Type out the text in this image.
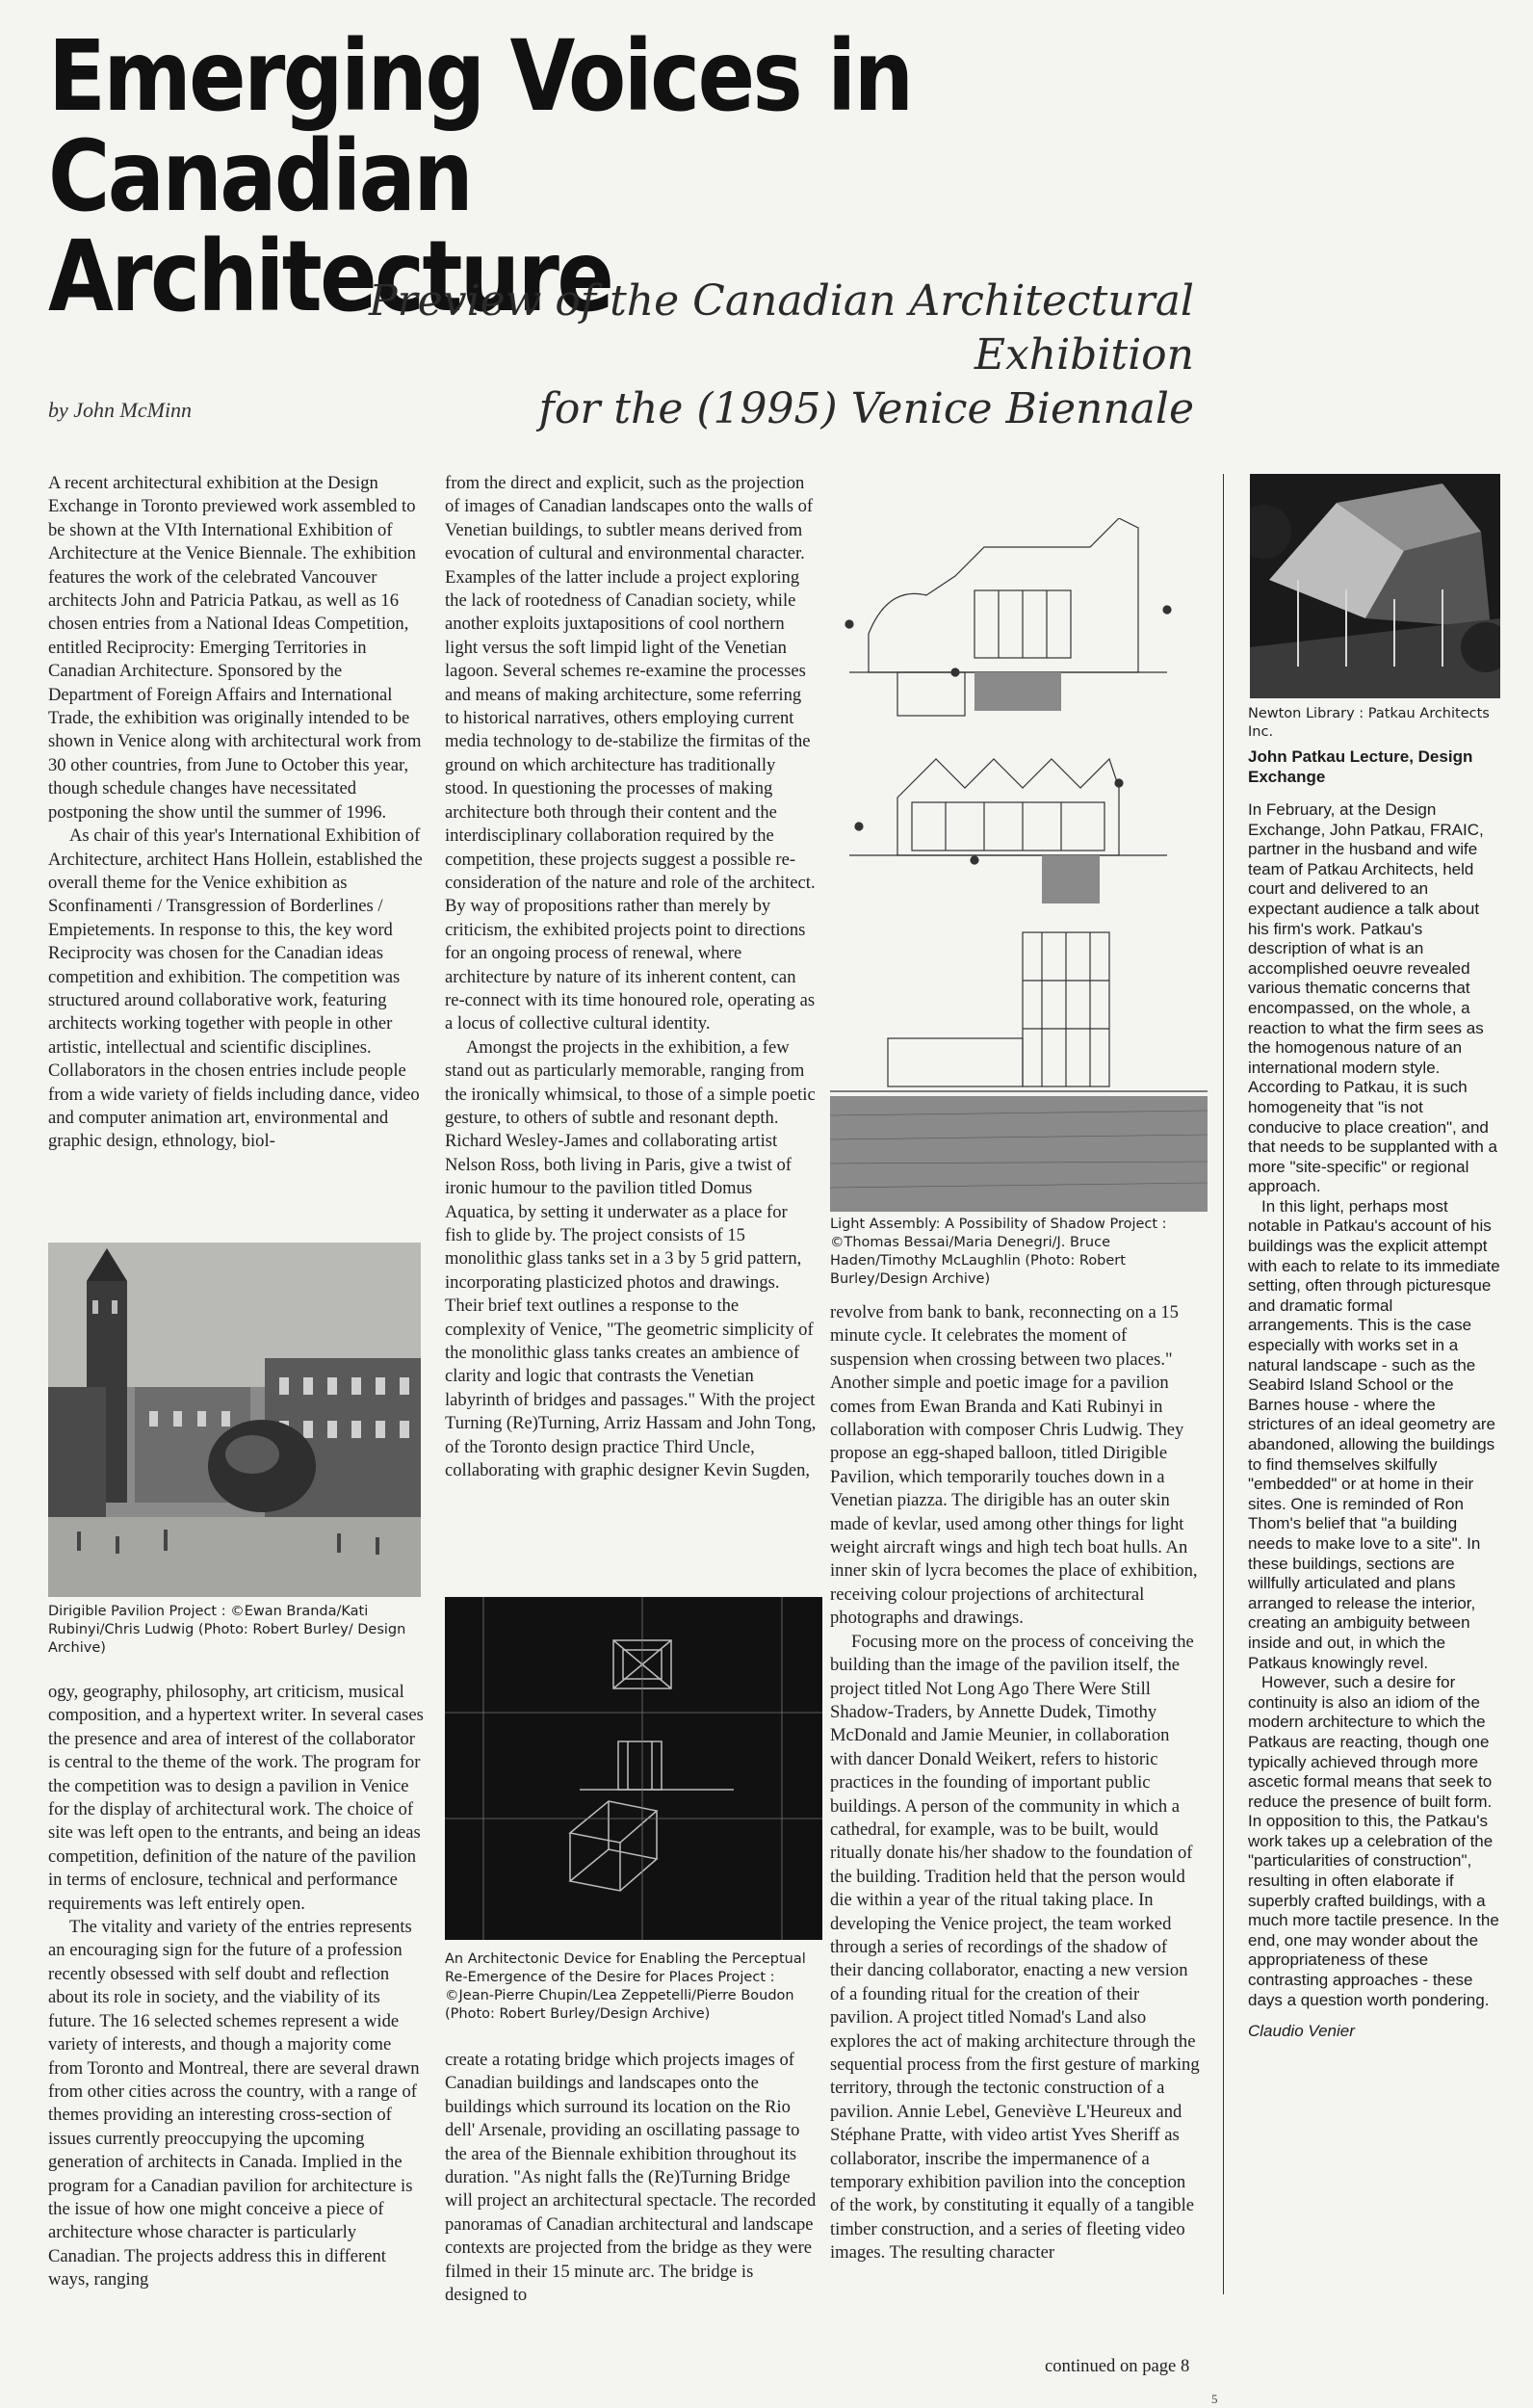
Emerging Voices in
Canadian Architecture
Preview of the Canadian Architectural Exhibition
for the (1995) Venice Biennale
by John McMinn

A recent architectural exhibition at the Design Exchange in Toronto previewed work assembled to be shown at the VIth International Exhibition of Architecture at the Venice Biennale. The exhibition features the work of the celebrated Vancouver architects John and Patricia Patkau, as well as 16 chosen entries from a National Ideas Competition, entitled Reciprocity: Emerging Territories in Canadian Architecture. Sponsored by the Department of Foreign Affairs and International Trade, the exhibition was originally intended to be shown in Venice along with architectural work from 30 other countries, from June to October this year, though schedule changes have necessitated postponing the show until the summer of 1996.

As chair of this year's International Exhibition of Architecture, architect Hans Hollein, established the overall theme for the Venice exhibition as Sconfinamenti / Transgression of Borderlines / Empietements. In response to this, the key word Reciprocity was chosen for the Canadian ideas competition and exhibition. The competition was structured around collaborative work, featuring architects working together with people in other artistic, intellectual and scientific disciplines. Collaborators in the chosen entries include people from a wide variety of fields including dance, video and computer animation art, environmental and graphic design, ethnology, biol-

Dirigible Pavilion Project : ©Ewan Branda/Kati Rubinyi/Chris Ludwig (Photo: Robert Burley/ Design Archive)

ogy, geography, philosophy, art criticism, musical composition, and a hypertext writer. In several cases the presence and area of interest of the collaborator is central to the theme of the work. The program for the competition was to design a pavilion in Venice for the display of architectural work. The choice of site was left open to the entrants, and being an ideas competition, definition of the nature of the pavilion in terms of enclosure, technical and performance requirements was left entirely open.

The vitality and variety of the entries represents an encouraging sign for the future of a profession recently obsessed with self doubt and reflection about its role in society, and the viability of its future. The 16 selected schemes represent a wide variety of interests, and though a majority come from Toronto and Montreal, there are several drawn from other cities across the country, with a range of themes providing an interesting cross-section of issues currently preoccupying the upcoming generation of architects in Canada. Implied in the program for a Canadian pavilion for architecture is the issue of how one might conceive a piece of architecture whose character is particularly Canadian. The projects address this in different ways, ranging

from the direct and explicit, such as the projection of images of Canadian landscapes onto the walls of Venetian buildings, to subtler means derived from evocation of cultural and environmental character. Examples of the latter include a project exploring the lack of rootedness of Canadian society, while another exploits juxtapositions of cool northern light versus the soft limpid light of the Venetian lagoon. Several schemes re-examine the processes and means of making architecture, some referring to historical narratives, others employing current media technology to de-stabilize the firmitas of the ground on which architecture has traditionally stood. In questioning the processes of making architecture both through their content and the interdisciplinary collaboration required by the competition, these projects suggest a possible re-consideration of the nature and role of the architect. By way of propositions rather than merely by criticism, the exhibited projects point to directions for an ongoing process of renewal, where architecture by nature of its inherent content, can re-connect with its time honoured role, operating as a locus of collective cultural identity.

Amongst the projects in the exhibition, a few stand out as particularly memorable, ranging from the ironically whimsical, to those of a simple poetic gesture, to others of subtle and resonant depth. Richard Wesley-James and collaborating artist Nelson Ross, both living in Paris, give a twist of ironic humour to the pavilion titled Domus Aquatica, by setting it underwater as a place for fish to glide by. The project consists of 15 monolithic glass tanks set in a 3 by 5 grid pattern, incorporating plasticized photos and drawings. Their brief text outlines a response to the complexity of Venice, "The geometric simplicity of the monolithic glass tanks creates an ambience of clarity and logic that contrasts the Venetian labyrinth of bridges and passages." With the project Turning (Re)Turning, Arriz Hassam and John Tong, of the Toronto design practice Third Uncle, collaborating with graphic designer Kevin Sugden,

An Architectonic Device for Enabling the Perceptual Re-Emergence of the Desire for Places Project : ©Jean-Pierre Chupin/Lea Zeppetelli/Pierre Boudon (Photo: Robert Burley/Design Archive)

create a rotating bridge which projects images of Canadian buildings and landscapes onto the buildings which surround its location on the Rio dell' Arsenale, providing an oscillating passage to the area of the Biennale exhibition throughout its duration. "As night falls the (Re)Turning Bridge will project an architectural spectacle. The recorded panoramas of Canadian architectural and landscape contexts are projected from the bridge as they were filmed in their 15 minute arc. The bridge is designed to

Light Assembly: A Possibility of Shadow Project : ©Thomas Bessai/Maria Denegri/J. Bruce Haden/Timothy McLaughlin (Photo: Robert Burley/Design Archive)

revolve from bank to bank, reconnecting on a 15 minute cycle. It celebrates the moment of suspension when crossing between two places." Another simple and poetic image for a pavilion comes from Ewan Branda and Kati Rubinyi in collaboration with composer Chris Ludwig. They propose an egg-shaped balloon, titled Dirigible Pavilion, which temporarily touches down in a Venetian piazza. The dirigible has an outer skin made of kevlar, used among other things for light weight aircraft wings and high tech boat hulls. An inner skin of lycra becomes the place of exhibition, receiving colour projections of architectural photographs and drawings.

Focusing more on the process of conceiving the building than the image of the pavilion itself, the project titled Not Long Ago There Were Still Shadow-Traders, by Annette Dudek, Timothy McDonald and Jamie Meunier, in collaboration with dancer Donald Weikert, refers to historic practices in the founding of important public buildings. A person of the community in which a cathedral, for example, was to be built, would ritually donate his/her shadow to the foundation of the building. Tradition held that the person would die within a year of the ritual taking place. In developing the Venice project, the team worked through a series of recordings of the shadow of their dancing collaborator, enacting a new version of a founding ritual for the creation of their pavilion. A project titled Nomad's Land also explores the act of making architecture through the sequential process from the first gesture of marking territory, through the tectonic construction of a pavilion. Annie Lebel, Geneviève L'Heureux and Stéphane Pratte, with video artist Yves Sheriff as collaborator, inscribe the impermanence of a temporary exhibition pavilion into the conception of the work, by constituting it equally of a tangible timber construction, and a series of fleeting video images. The resulting character

continued on page 8
Newton Library : Patkau Architects Inc.
John Patkau Lecture, Design Exchange

In February, at the Design Exchange, John Patkau, FRAIC, partner in the husband and wife team of Patkau Architects, held court and delivered to an expectant audience a talk about his firm's work. Patkau's description of what is an accomplished oeuvre revealed various thematic concerns that encompassed, on the whole, a reaction to what the firm sees as the homogenous nature of an international modern style. According to Patkau, it is such homogeneity that "is not conducive to place creation", and that needs to be supplanted with a more "site-specific" or regional approach.

In this light, perhaps most notable in Patkau's account of his buildings was the explicit attempt with each to relate to its immediate setting, often through picturesque and dramatic formal arrangements. This is the case especially with works set in a natural landscape - such as the Seabird Island School or the Barnes house - where the strictures of an ideal geometry are abandoned, allowing the buildings to find themselves skilfully "embedded" or at home in their sites. One is reminded of Ron Thom's belief that "a building needs to make love to a site". In these buildings, sections are willfully articulated and plans arranged to release the interior, creating an ambiguity between inside and out, in which the Patkaus knowingly revel.

However, such a desire for continuity is also an idiom of the modern architecture to which the Patkaus are reacting, though one typically achieved through more ascetic formal means that seek to reduce the presence of built form. In opposition to this, the Patkau's work takes up a celebration of the "particularities of construction", resulting in often elaborate if superbly crafted buildings, with a much more tactile presence. In the end, one may wonder about the appropriateness of these contrasting approaches - these days a question worth pondering.

Claudio Venier

5
